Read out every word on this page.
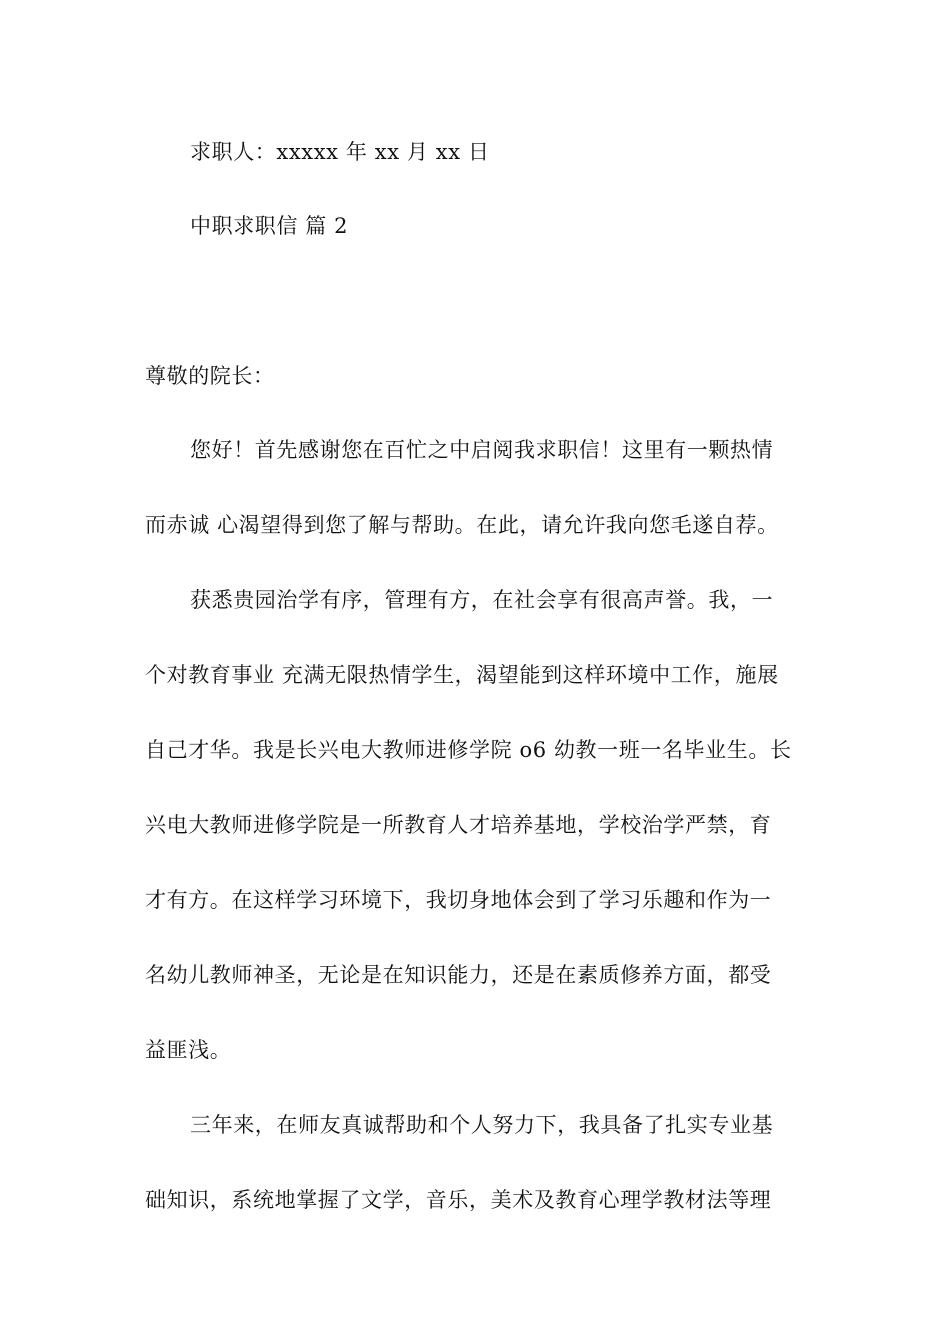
求职人：xxxxx 年 xx 月 xx 日
中职求职信 篇 2
尊敬的院长：
您好！首先感谢您在百忙之中启阅我求职信！这里有一颗热情
而赤诚 心渴望得到您了解与帮助。在此，请允许我向您毛遂自荐。
获悉贵园治学有序，管理有方，在社会享有很高声誉。我，一
个对教育事业 充满无限热情学生，渴望能到这样环境中工作，施展
自己才华。我是长兴电大教师进修学院 o6 幼教一班一名毕业生。长
兴电大教师进修学院是一所教育人才培养基地，学校治学严禁，育
才有方。在这样学习环境下，我切身地体会到了学习乐趣和作为一
名幼儿教师神圣，无论是在知识能力，还是在素质修养方面，都受
益匪浅。
三年来，在师友真诚帮助和个人努力下，我具备了扎实专业基
础知识，系统地掌握了文学，音乐，美术及教育心理学教材法等理
